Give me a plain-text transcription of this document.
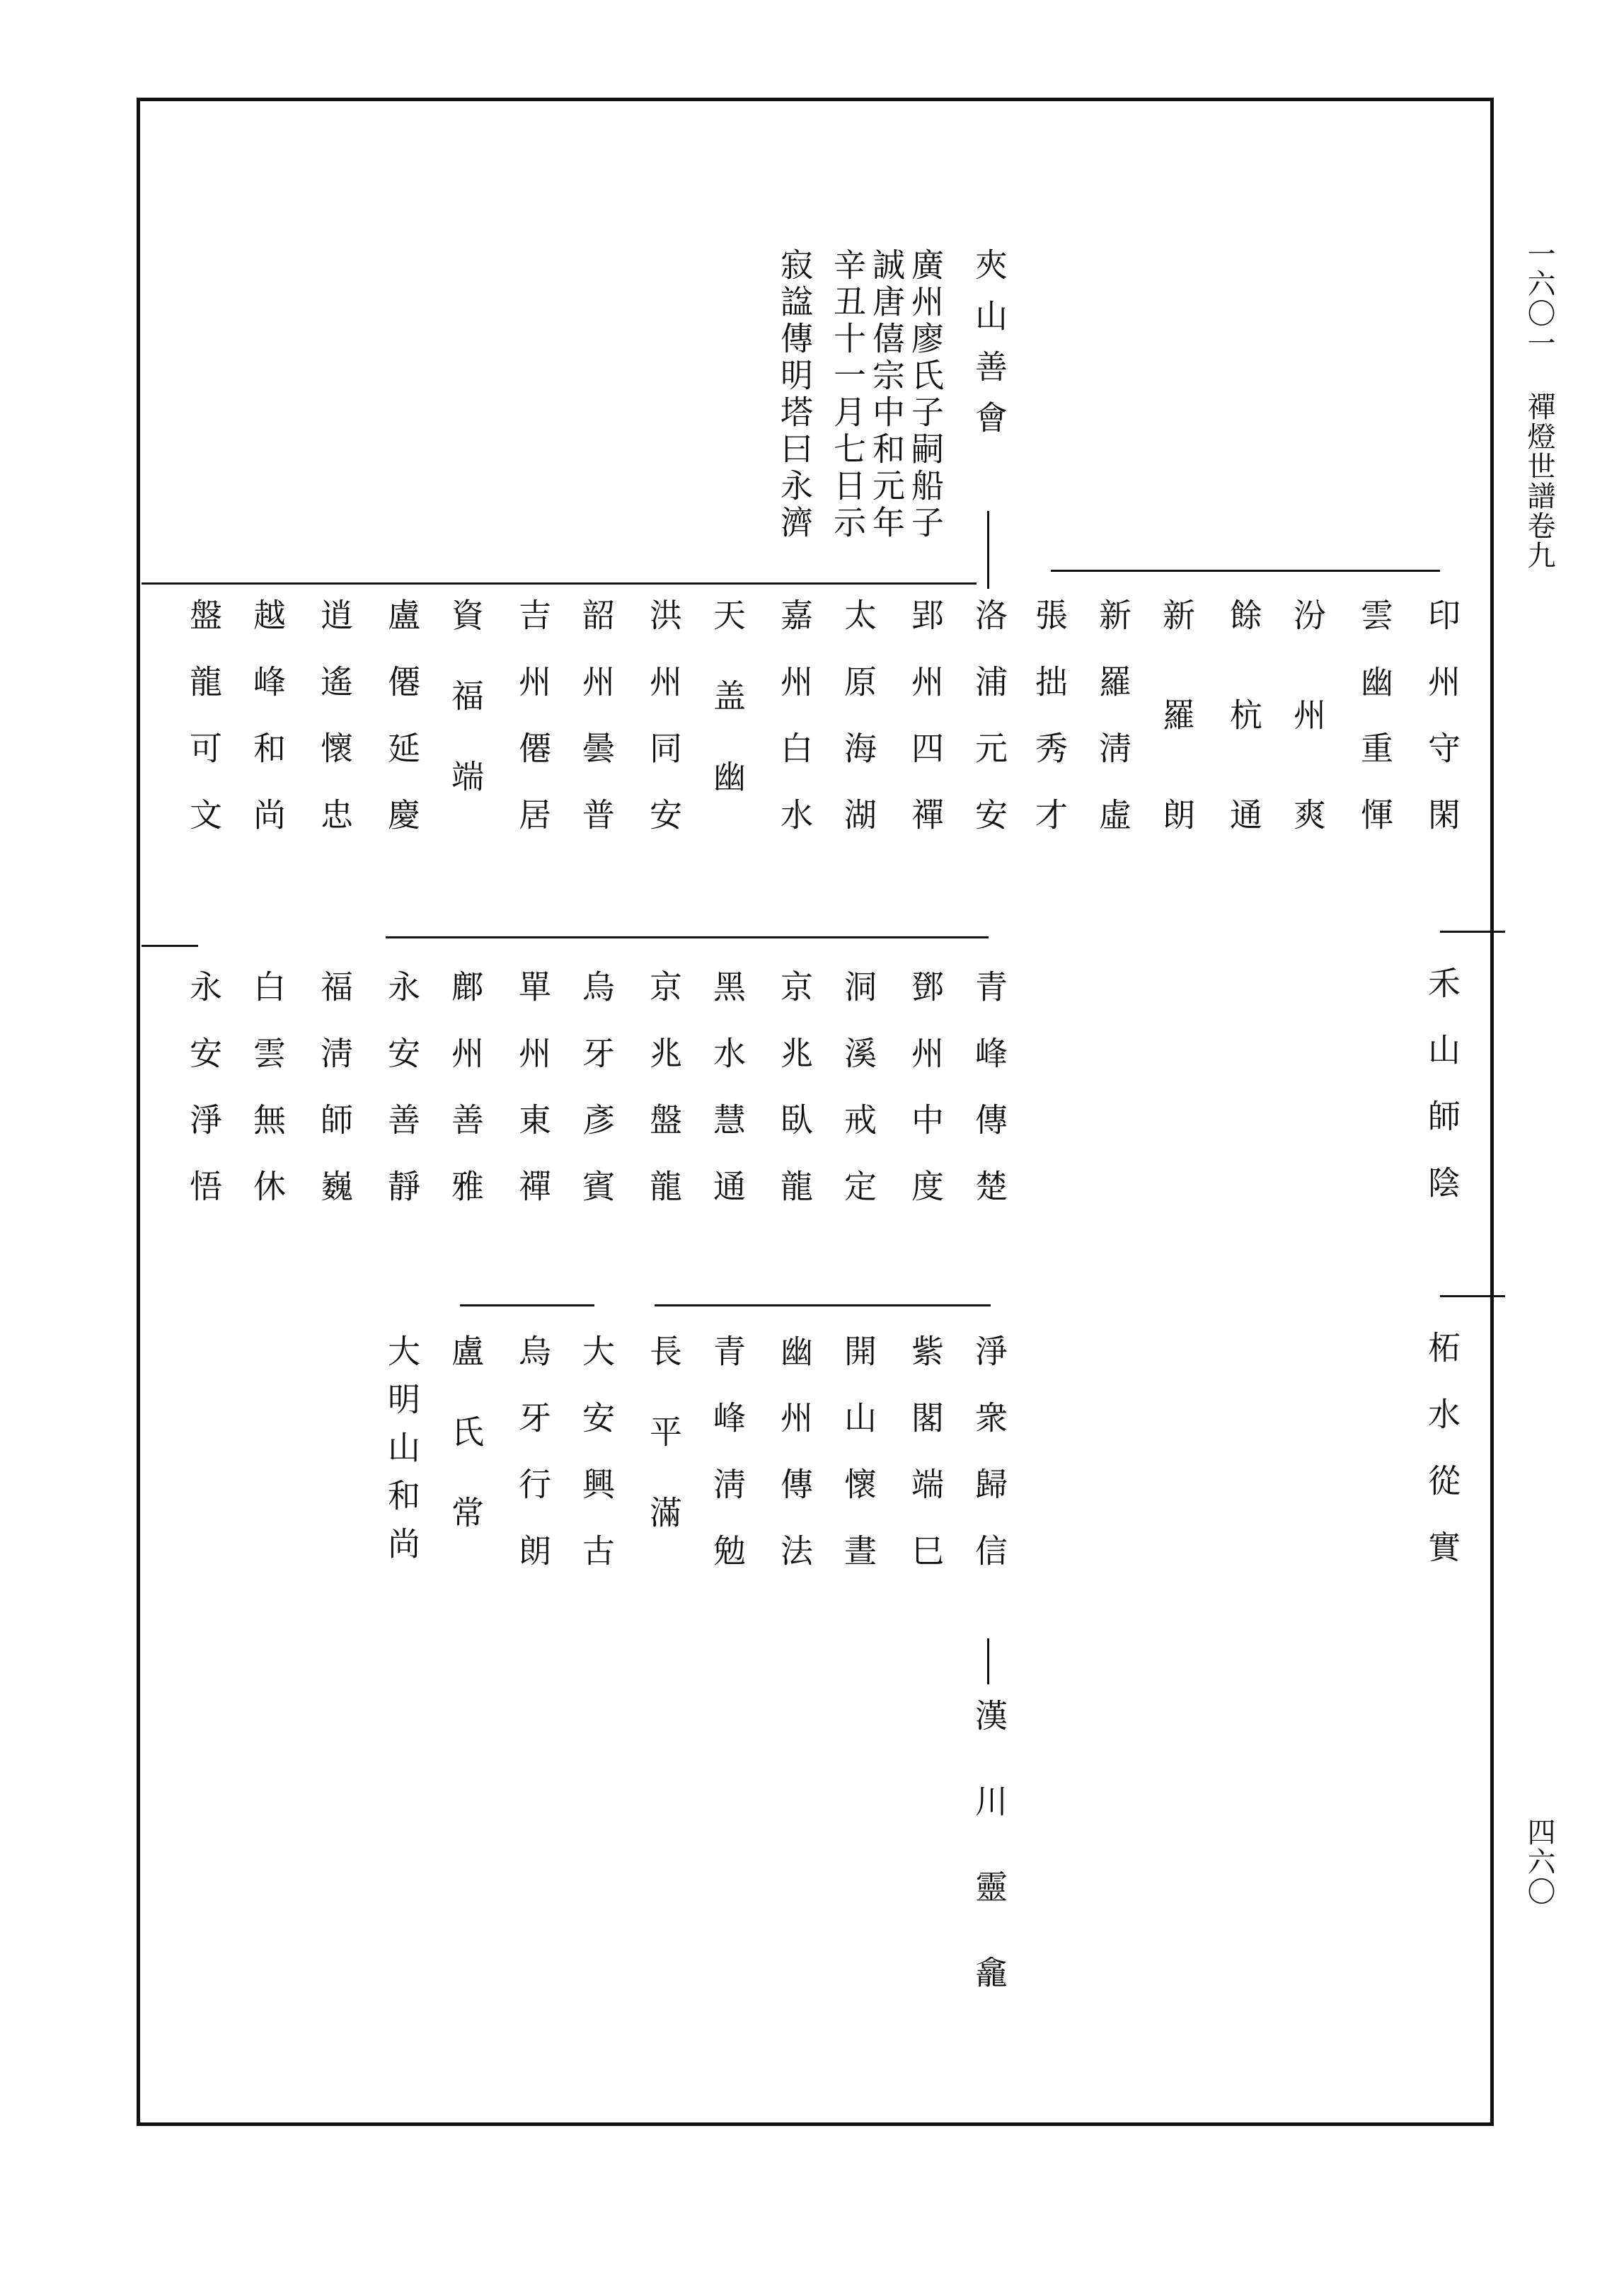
一六〇一 禪燈世譜卷九
四六〇
夾山善會
廣州廖氏子嗣船子
誠唐僖宗中和元年
辛丑十一月七日示
寂諡傳明塔曰永濟
印州守閑
禾山師陰
柘水從實
雲幽重惲
汾州爽
餘杭通
新羅朗
新羅淸虛
張拙秀才
洛浦元安
郢州四禪
太原海湖
嘉州白水
天盖幽
洪州同安
韶州曇普
吉州僊居
資福端
盧僊延慶
逍遙懷忠
越峰和尚
盤龍可文
青峰傳楚
鄧州中度
洞溪戒定
京兆臥龍
黑水慧通
京兆盤龍
烏牙彥賓
單州東禪
鄜州善雅
永安善靜
福淸師巍
白雲無休
永安淨悟
淨衆歸信
紫閣端巳
開山懷晝
幽州傳法
青峰淸勉
長平滿
大安興古
烏牙行朗
盧氏常
大明山和尚
漢川靈龕
